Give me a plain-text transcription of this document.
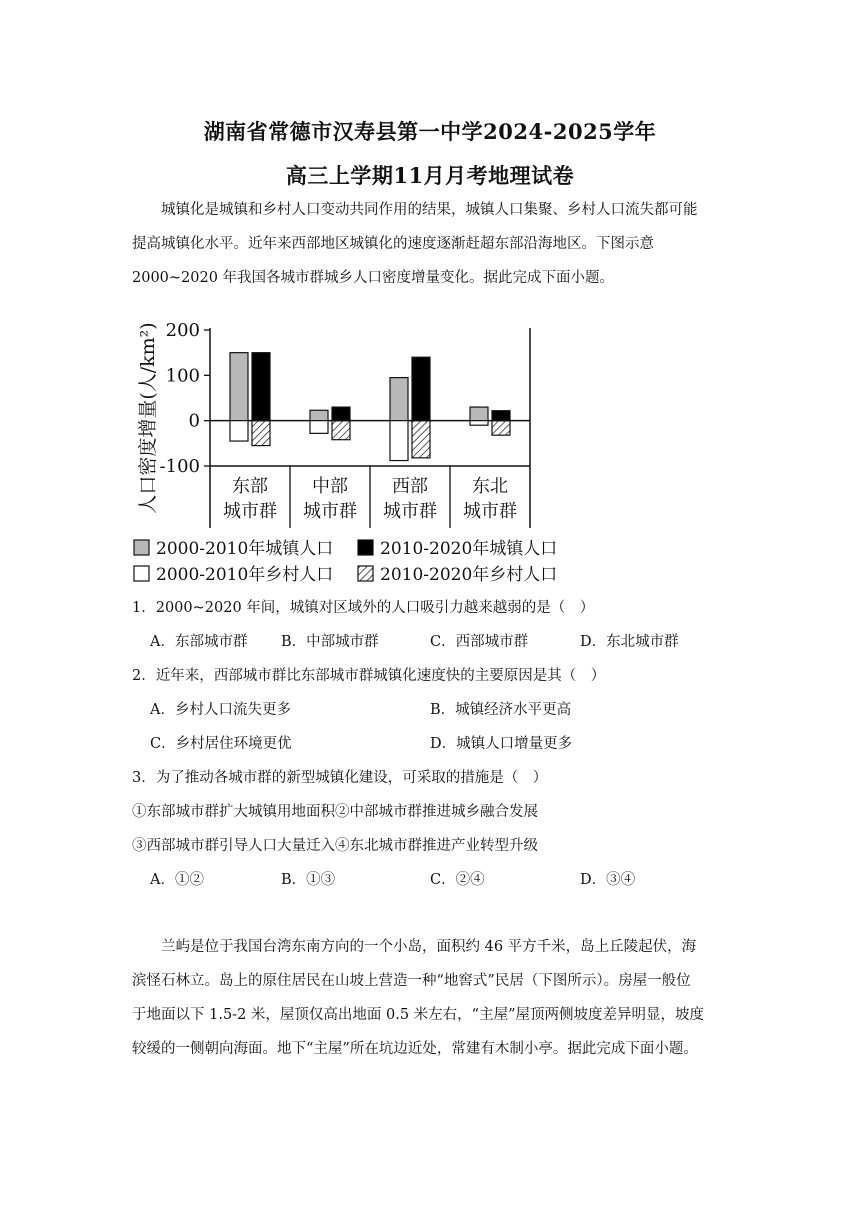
湖南省常德市汉寿县第一中学2024-2025学年
高三上学期11月月考地理试卷

城镇化是城镇和乡村人口变动共同作用的结果，城镇人口集聚、乡村人口流失都可能

提高城镇化水平。近年来西部地区城镇化的速度逐渐赶超东部沿海地区。下图示意

2000~2020 年我国各城市群城乡人口密度增量变化。据此完成下面小题。

人口密度增量(人/km²) 200
100
0
-100
东部
城市群
中部
城市群
西部
城市群
东北
城市群
2000-2010年城镇人口	2010-2020年城镇人口
2000-2010年乡村人口	2010-2020年乡村人口
1．2000~2020 年间，城镇对区域外的人口吸引力越来越弱的是（　）
A．东部城市群 B．中部城市群	C．西部城市群	D．东北城市群
2．近年来，西部城市群比东部城市群城镇化速度快的主要原因是其（　）
A．乡村人口流失更多	B．城镇经济水平更高
C．乡村居住环境更优	D．城镇人口增量更多
3．为了推动各城市群的新型城镇化建设，可采取的措施是（　）
①东部城市群扩大城镇用地面积②中部城市群推进城乡融合发展
③西部城市群引导人口大量迁入④东北城市群推进产业转型升级
A．①②	B．①③	C．②④	D．③④

兰屿是位于我国台湾东南方向的一个小岛，面积约 46 平方千米，岛上丘陵起伏，海

滨怪石林立。岛上的原住居民在山坡上营造一种“地窖式”民居（下图所示）。房屋一般位

于地面以下 1.5-2 米，屋顶仅高出地面 0.5 米左右，“主屋”屋顶两侧坡度差异明显，坡度

较缓的一侧朝向海面。地下“主屋”所在坑边近处，常建有木制小亭。据此完成下面小题。
